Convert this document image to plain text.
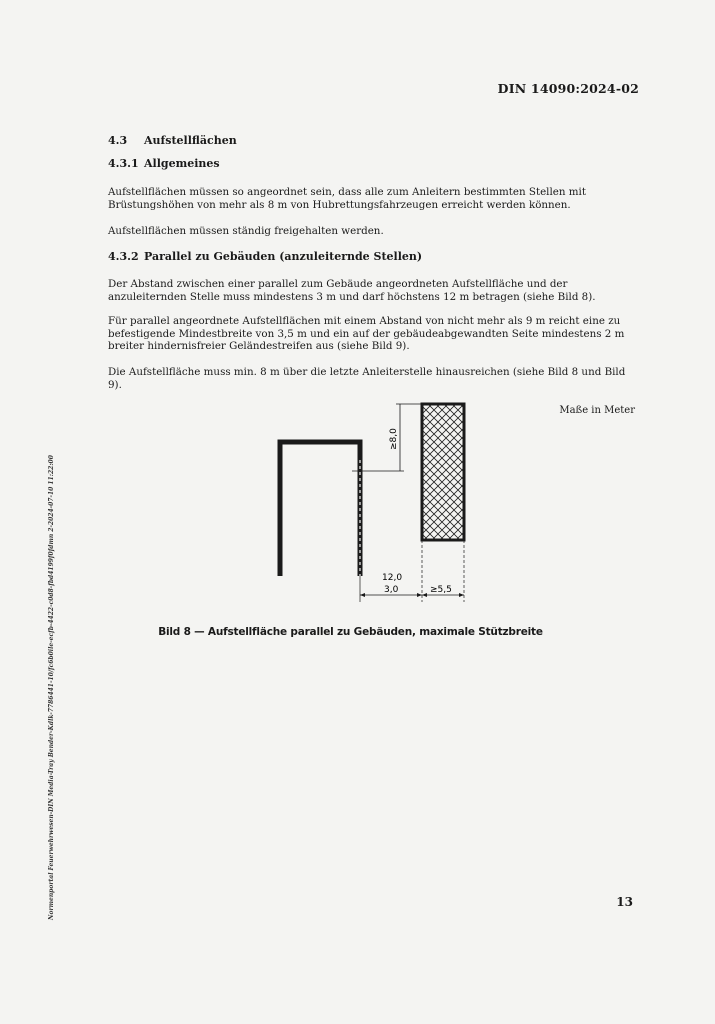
DIN 14090:2024-02
4.3 Aufstellflächen
4.3.1 Allgemeines
Aufstellflächen müssen so angeordnet sein, dass alle zum Anleitern bestimmten Stellen mit Brüstungshöhen von mehr als 8 m von Hubrettungsfahrzeugen erreicht werden können.
Aufstellflächen müssen ständig freigehalten werden.
4.3.2 Parallel zu Gebäuden (anzuleiternde Stellen)
Der Abstand zwischen einer parallel zum Gebäude angeordneten Aufstellfläche und der anzuleiternden Stelle muss mindestens 3 m und darf höchstens 12 m betragen (siehe Bild 8).
Für parallel angeordnete Aufstellflächen mit einem Abstand von nicht mehr als 9 m reicht eine zu befestigende Mindestbreite von 3,5 m und ein auf der gebäudeabgewandten Seite mindestens 2 m breiter hindernisfreier Geländestreifen aus (siehe Bild 9).
Die Aufstellfläche muss min. 8 m über die letzte Anleiterstelle hinausreichen (siehe Bild 8 und Bild 9).
Maße in Meter
≥8,0
12,0
3,0	≥5,5
Bild 8 — Aufstellfläche parallel zu Gebäuden, maximale Stützbreite
Normenportal Feuerwehrwesen-DIN Media-Tray Bender-Kdlk-7786441-10/fc6b0ile-ecfb-4422-c0d8-fbd4199f0fdmn 2-2024-07-10 11:22:00	13
